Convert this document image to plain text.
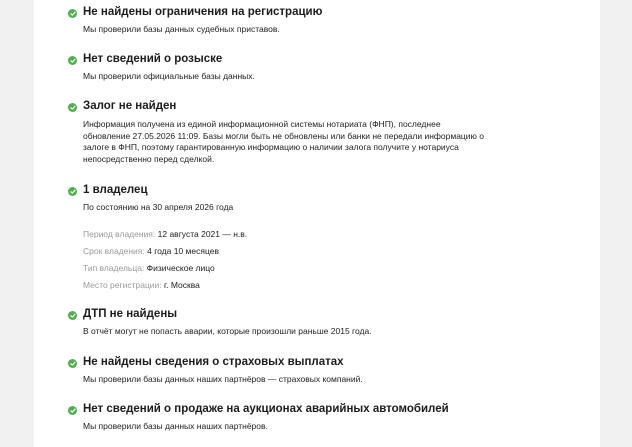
Не найдены ограничения на регистрацию
Мы проверили базы данных судебных приставов.
Нет сведений о розыске
Мы проверили официальные базы данных.
Залог не найден
Информация получена из единой информационной системы нотариата (ФНП), последнее
обновление 27.05.2026 11:09. Базы могли быть не обновлены или банки не передали информацию о
залоге в ФНП, поэтому гарантированную информацию о наличии залога получите у нотариуса
непосредственно перед сделкой.
1 владелец
По состоянию на 30 апреля 2026 года
Период владения: 12 августа 2021 — н.в.
Срок владения: 4 года 10 месяцев
Тип владельца: Физическое лицо
Место регистрации: г. Москва
ДТП не найдены
В отчёт могут не попасть аварии, которые произошли раньше 2015 года.
Не найдены сведения о страховых выплатах
Мы проверили базы данных наших партнёров — страховых компаний.
Нет сведений о продаже на аукционах аварийных автомобилей
Мы проверили базы данных наших партнёров.
